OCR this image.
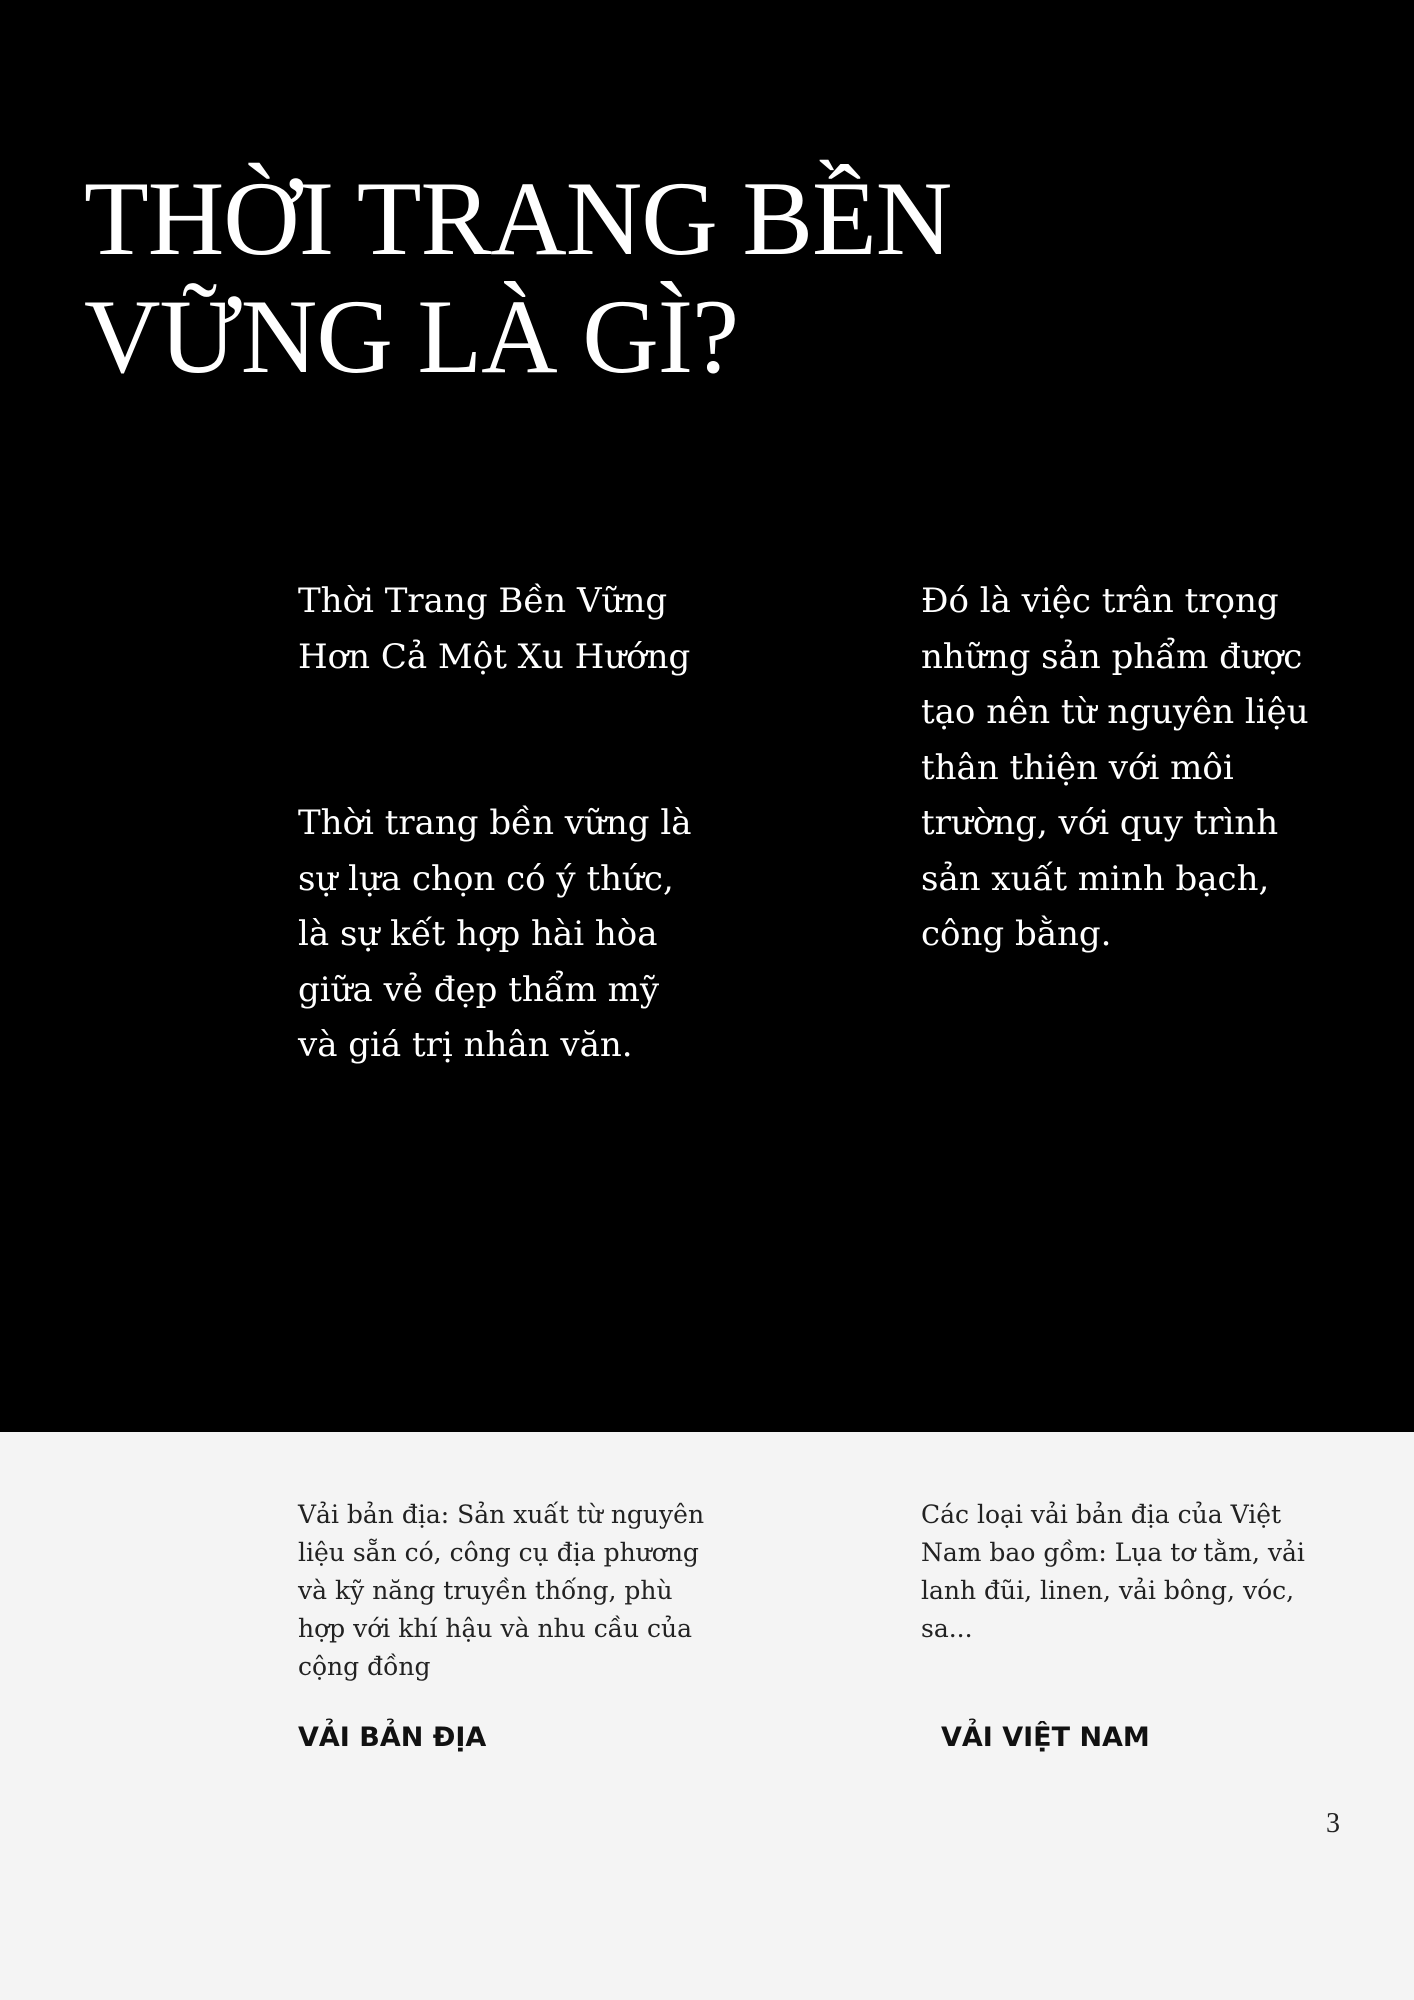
THỜI TRANG BỀN
VỮNG LÀ GÌ?

Thời Trang Bền Vững Hơn Cả Một Xu Hướng

Thời trang bền vững là sự lựa chọn có ý thức, là sự kết hợp hài hòa giữa vẻ đẹp thẩm mỹ và giá trị nhân văn.

Đó là việc trân trọng những sản phẩm được tạo nên từ nguyên liệu thân thiện với môi trường, với quy trình sản xuất minh bạch, công bằng.

Vải bản địa: Sản xuất từ nguyên liệu sẵn có, công cụ địa phương và kỹ năng truyền thống, phù hợp với khí hậu và nhu cầu của cộng đồng

Các loại vải bản địa của Việt Nam bao gồm: Lụa tơ tằm, vải lanh đũi, linen, vải bông, vóc, sa...

VẢI BẢN ĐỊA	VẢI VIỆT NAM
3
